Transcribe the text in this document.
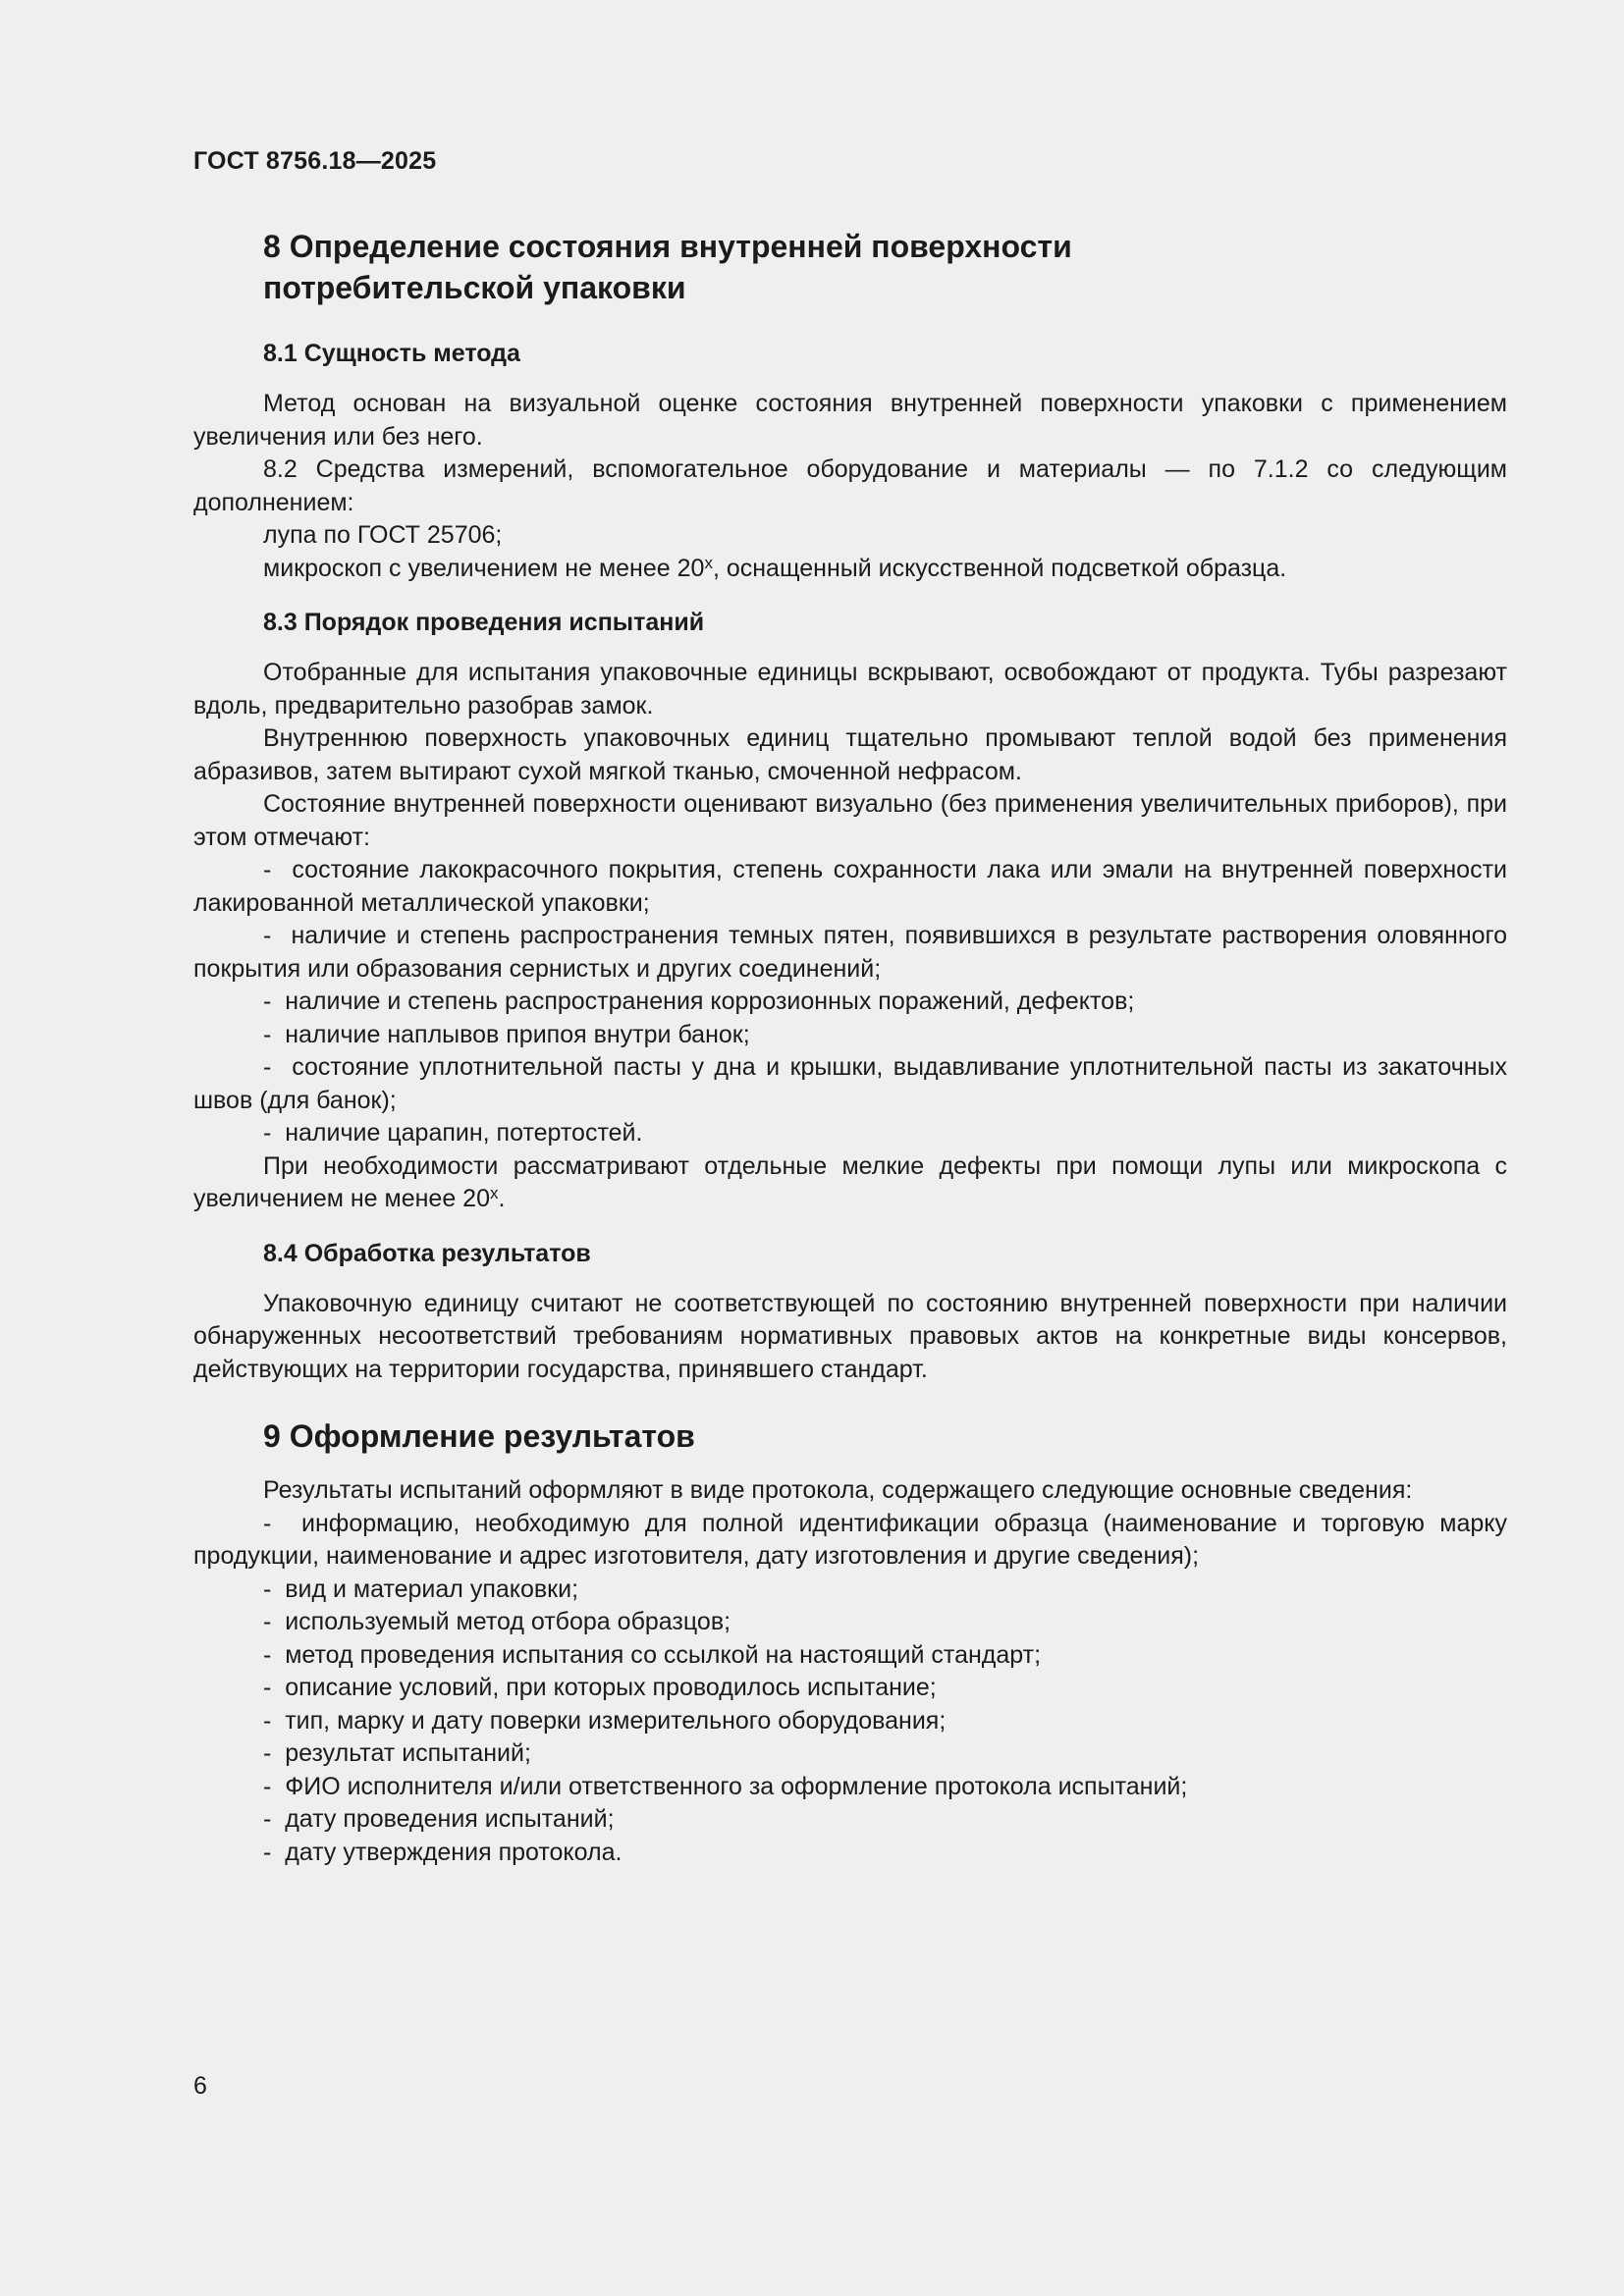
ГОСТ 8756.18—2025
8 Определение состояния внутренней поверхности
потребительской упаковки
8.1 Сущность метода

Метод основан на визуальной оценке состояния внутренней поверхности упаковки с применением увеличения или без него.

8.2 Средства измерений, вспомогательное оборудование и материалы — по 7.1.2 со следующим дополнением:

лупа по ГОСТ 25706;

микроскоп с увеличением не менее 20$^x$, оснащенный искусственной подсветкой образца.

8.3 Порядок проведения испытаний

Отобранные для испытания упаковочные единицы вскрывают, освобождают от продукта. Тубы разрезают вдоль, предварительно разобрав замок.

Внутреннюю поверхность упаковочных единиц тщательно промывают теплой водой без применения абразивов, затем вытирают сухой мягкой тканью, смоченной нефрасом.

Состояние внутренней поверхности оценивают визуально (без применения увеличительных приборов), при этом отмечают:

-  состояние лакокрасочного покрытия, степень сохранности лака или эмали на внутренней поверхности лакированной металлической упаковки;

-  наличие и степень распространения темных пятен, появившихся в результате растворения оловянного покрытия или образования сернистых и других соединений;

-  наличие и степень распространения коррозионных поражений, дефектов;

-  наличие наплывов припоя внутри банок;

-  состояние уплотнительной пасты у дна и крышки, выдавливание уплотнительной пасты из закаточных швов (для банок);

-  наличие царапин, потертостей.

При необходимости рассматривают отдельные мелкие дефекты при помощи лупы или микроскопа с увеличением не менее 20$^x$.

8.4 Обработка результатов

Упаковочную единицу считают не соответствующей по состоянию внутренней поверхности при наличии обнаруженных несоответствий требованиям нормативных правовых актов на конкретные виды консервов, действующих на территории государства, принявшего стандарт.

9 Оформление результатов

Результаты испытаний оформляют в виде протокола, содержащего следующие основные сведения:

-  информацию, необходимую для полной идентификации образца (наименование и торговую марку продукции, наименование и адрес изготовителя, дату изготовления и другие сведения);

-  вид и материал упаковки;

-  используемый метод отбора образцов;

-  метод проведения испытания со ссылкой на настоящий стандарт;

-  описание условий, при которых проводилось испытание;

-  тип, марку и дату поверки измерительного оборудования;

-  результат испытаний;

-  ФИО исполнителя и/или ответственного за оформление протокола испытаний;

-  дату проведения испытаний;

-  дату утверждения протокола.

6
